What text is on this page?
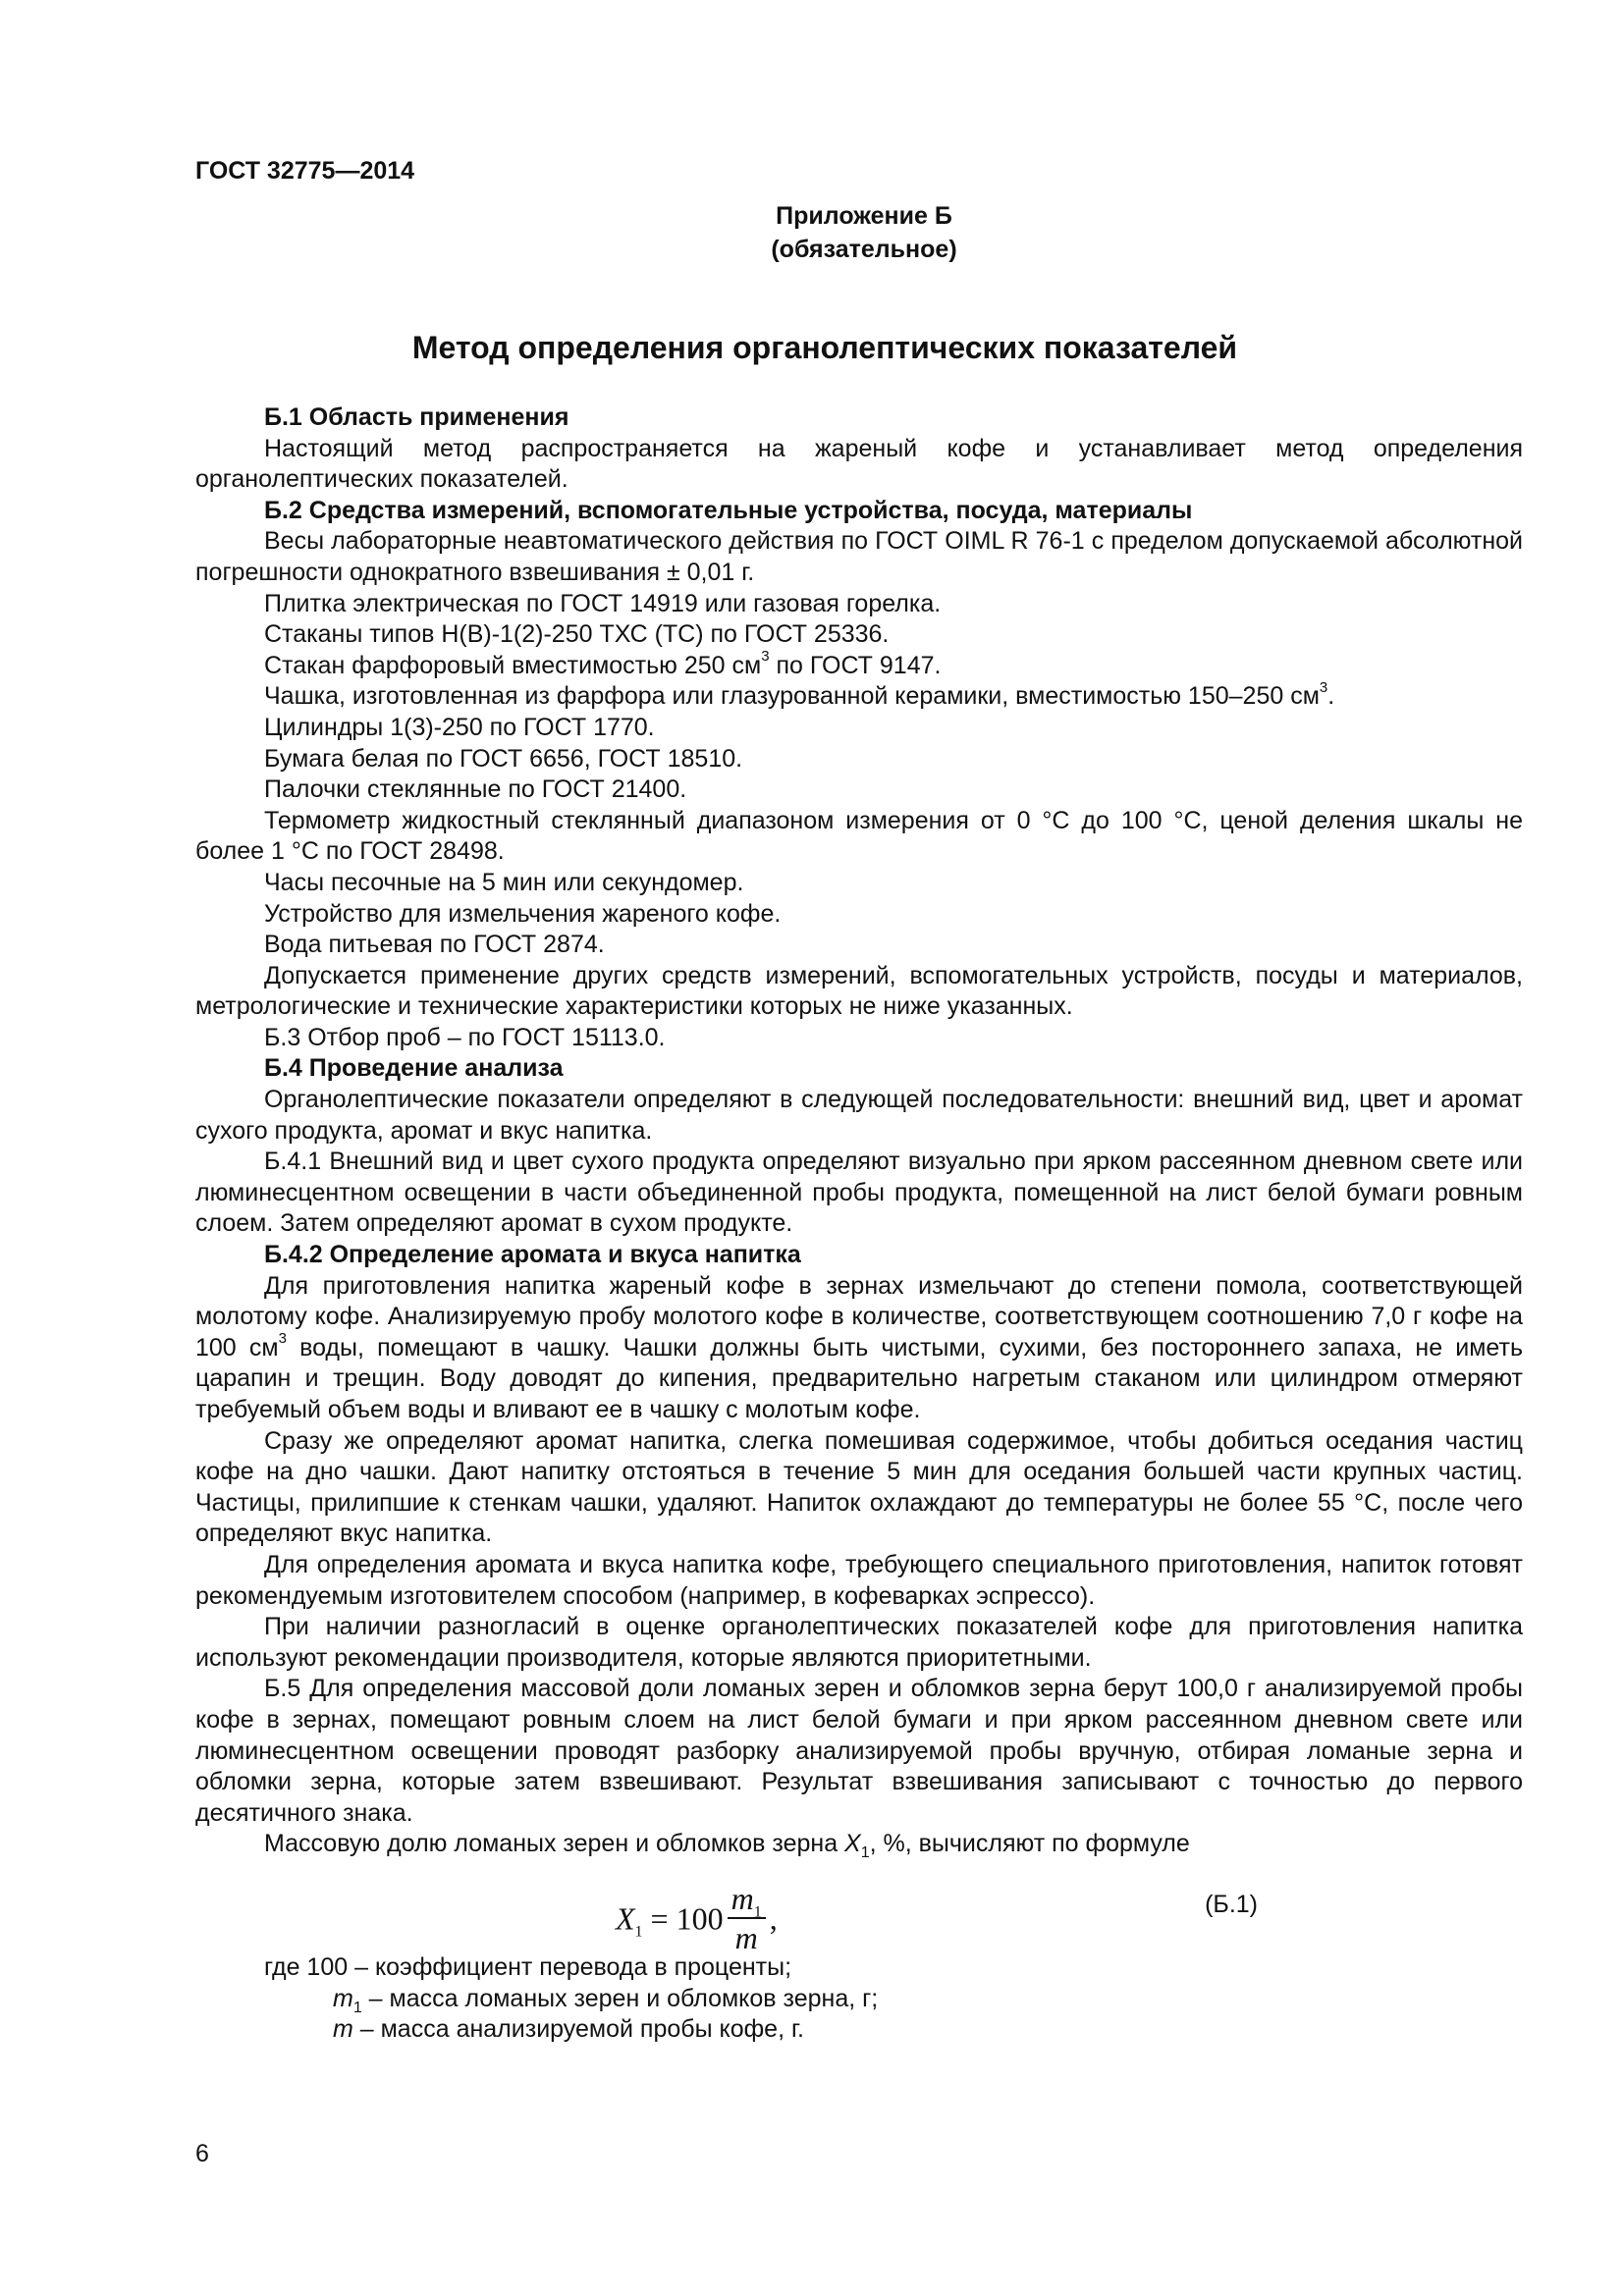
ГОСТ 32775—2014
Приложение Б
(обязательное)
Метод определения органолептических показателей

Б.1 Область применения

Настоящий метод распространяется на жареный кофе и устанавливает метод определения органолептических показателей.

Б.2 Средства измерений, вспомогательные устройства, посуда, материалы

Весы лабораторные неавтоматического действия по ГОСТ OIML R 76-1 с пределом допускаемой абсолютной погрешности однократного взвешивания ± 0,01 г.

Плитка электрическая по ГОСТ 14919 или газовая горелка.

Стаканы типов Н(В)-1(2)-250 ТХС (ТС) по ГОСТ 25336.

Стакан фарфоровый вместимостью 250 $см^3$ по ГОСТ 9147.

Чашка, изготовленная из фарфора или глазурованной керамики, вместимостью 150–250 $см^3$.

Цилиндры 1(3)-250 по ГОСТ 1770.

Бумага белая по ГОСТ 6656, ГОСТ 18510.

Палочки стеклянные по ГОСТ 21400.

Термометр жидкостный стеклянный диапазоном измерения от 0 °С до 100 °С, ценой деления шкалы не более 1 °С по ГОСТ 28498.

Часы песочные на 5 мин или секундомер.

Устройство для измельчения жареного кофе.

Вода питьевая по ГОСТ 2874.

Допускается применение других средств измерений, вспомогательных устройств, посуды и материалов, метрологические и технические характеристики которых не ниже указанных.

Б.3 Отбор проб – по ГОСТ 15113.0.

Б.4 Проведение анализа

Органолептические показатели определяют в следующей последовательности: внешний вид, цвет и аромат сухого продукта, аромат и вкус напитка.

Б.4.1 Внешний вид и цвет сухого продукта определяют визуально при ярком рассеянном дневном свете или люминесцентном освещении в части объединенной пробы продукта, помещенной на лист белой бумаги ровным слоем. Затем определяют аромат в сухом продукте.

Б.4.2 Определение аромата и вкуса напитка

Для приготовления напитка жареный кофе в зернах измельчают до степени помола, соответствующей молотому кофе. Анализируемую пробу молотого кофе в количестве, соответствующем соотношению 7,0 г кофе на 100 $см^3$ воды, помещают в чашку. Чашки должны быть чистыми, сухими, без постороннего запаха, не иметь царапин и трещин. Воду доводят до кипения, предварительно нагретым стаканом или цилиндром отмеряют требуемый объем воды и вливают ее в чашку с молотым кофе.

Сразу же определяют аромат напитка, слегка помешивая содержимое, чтобы добиться оседания частиц кофе на дно чашки. Дают напитку отстояться в течение 5 мин для оседания большей части крупных частиц. Частицы, прилипшие к стенкам чашки, удаляют. Напиток охлаждают до температуры не более 55 °С, после чего определяют вкус напитка.

Для определения аромата и вкуса напитка кофе, требующего специального приготовления, напиток готовят рекомендуемым изготовителем способом (например, в кофеварках эспрессо).

При наличии разногласий в оценке органолептических показателей кофе для приготовления напитка используют рекомендации производителя, которые являются приоритетными.

Б.5 Для определения массовой доли ломаных зерен и обломков зерна берут 100,0 г анализируемой пробы кофе в зернах, помещают ровным слоем на лист белой бумаги и при ярком рассеянном дневном свете или люминесцентном освещении проводят разборку анализируемой пробы вручную, отбирая ломаные зерна и обломки зерна, которые затем взвешивают. Результат взвешивания записывают с точностью до первого десятичного знака.

Массовую долю ломаных зерен и обломков зерна $X_1$, %, вычисляют по формуле

$X_1 = 100 \frac{m_1}{m}$ ,	(Б.1)

где 100 – коэффициент перевода в проценты;

$m_1$ – масса ломаных зерен и обломков зерна, г;

m – масса анализируемой пробы кофе, г.

6
